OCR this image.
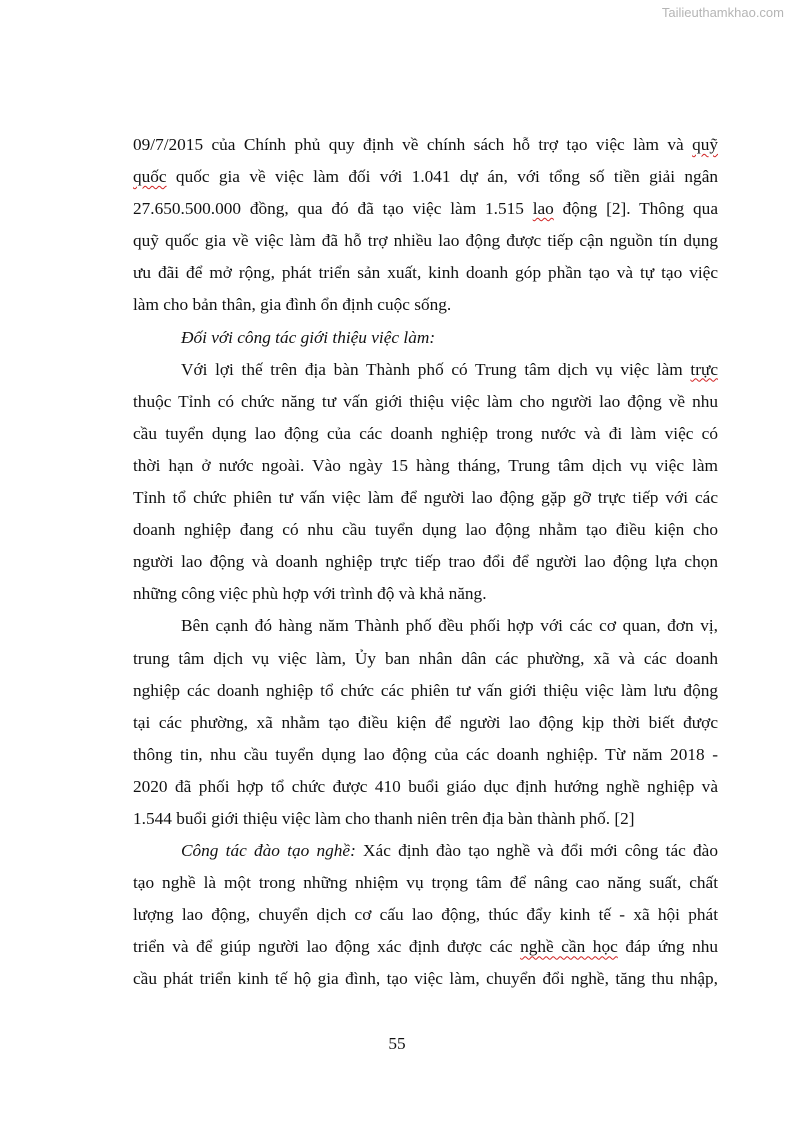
Tailieuthamkhao.com
09/7/2015 của Chính phủ quy định về chính sách hỗ trợ tạo việc làm và quỹ
quốc quốc gia về việc làm đối với 1.041 dự án, với tổng số tiền giải ngân
27.650.500.000 đồng, qua đó đã tạo việc làm 1.515 lao động [2]. Thông qua
quỹ quốc gia về việc làm đã hỗ trợ nhiều lao động được tiếp cận nguồn tín dụng
ưu đãi để mở rộng, phát triển sản xuất, kinh doanh góp phần tạo và tự tạo việc
làm cho bản thân, gia đình ổn định cuộc sống.
Đối với công tác giới thiệu việc làm:
Với lợi thế trên địa bàn Thành phố có Trung tâm dịch vụ việc làm trực
thuộc Tỉnh có chức năng tư vấn giới thiệu việc làm cho người lao động về nhu
cầu tuyển dụng lao động của các doanh nghiệp trong nước và đi làm việc có
thời hạn ở nước ngoài. Vào ngày 15 hàng tháng, Trung tâm dịch vụ việc làm
Tỉnh tổ chức phiên tư vấn việc làm để người lao động gặp gỡ trực tiếp với các
doanh nghiệp đang có nhu cầu tuyển dụng lao động nhằm tạo điều kiện cho
người lao động và doanh nghiệp trực tiếp trao đổi để người lao động lựa chọn
những công việc phù hợp với trình độ và khả năng.
Bên cạnh đó hàng năm Thành phố đều phối hợp với các cơ quan, đơn vị,
trung tâm dịch vụ việc làm, Ủy ban nhân dân các phường, xã và các doanh
nghiệp các doanh nghiệp tổ chức các phiên tư vấn giới thiệu việc làm lưu động
tại các phường, xã nhằm tạo điều kiện để người lao động kịp thời biết được
thông tin, nhu cầu tuyển dụng lao động của các doanh nghiệp. Từ năm 2018 -
2020 đã phối hợp tổ chức được 410 buổi giáo dục định hướng nghề nghiệp và
1.544 buổi giới thiệu việc làm cho thanh niên trên địa bàn thành phố. [2]
Công tác đào tạo nghề: Xác định đào tạo nghề và đổi mới công tác đào
tạo nghề là một trong những nhiệm vụ trọng tâm để nâng cao năng suất, chất
lượng lao động, chuyển dịch cơ cấu lao động, thúc đẩy kinh tế - xã hội phát
triển và để giúp người lao động xác định được các nghề cần học đáp ứng nhu
cầu phát triển kinh tế hộ gia đình, tạo việc làm, chuyển đổi nghề, tăng thu nhập,
55
